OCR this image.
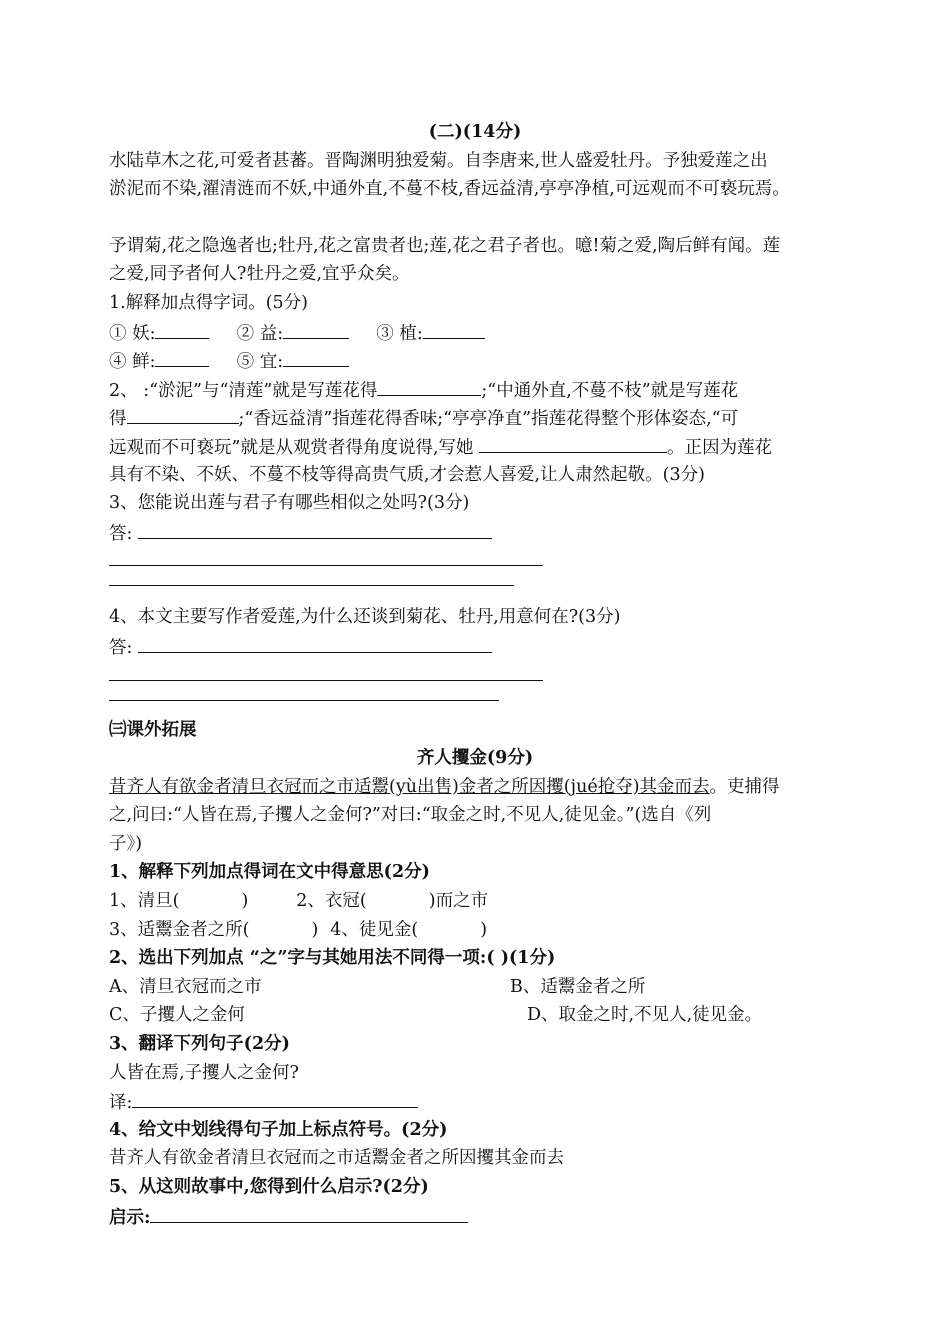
(二)(14分)
水陆草木之花,可爱者甚蕃。晋陶渊明独爱菊。自李唐来,世人盛爱牡丹。予独爱莲之出
淤泥而不染,濯清涟而不妖,中通外直,不蔓不枝,香远益清,亭亭净植,可远观而不可亵玩焉。
予谓菊,花之隐逸者也;牡丹,花之富贵者也;莲,花之君子者也。噫!菊之爱,陶后鲜有闻。莲
之爱,同予者何人?牡丹之爱,宜乎众矣。
1.解释加点得字词。(5分)
① 妖:	② 益:	③ 植:
④ 鲜:	⑤ 宜:
2、 :“淤泥”与“清莲”就是写莲花得	;“中通外直,不蔓不枝”就是写莲花
得	;“香远益清”指莲花得香味;“亭亭净直”指莲花得整个形体姿态,“可
远观而不可亵玩”就是从观赏者得角度说得,写她	。正因为莲花
具有不染、不妖、不蔓不枝等得高贵气质,才会惹人喜爱,让人肃然起敬。(3分)
3、您能说出莲与君子有哪些相似之处吗?(3分)
答:
4、本文主要写作者爱莲,为什么还谈到菊花、牡丹,用意何在?(3分)
答:
㈢课外拓展
齐人攫金(9分)
昔齐人有欲金者清旦衣冠而之市适鬻(yù出售)金者之所因攫(jué抢夺)其金而去。吏捕得
之,问曰:“人皆在焉,子攫人之金何?”对曰:“取金之时,不见人,徒见金。”(选自《列
子》)
1、解释下列加点得词在文中得意思(2分)
1、清旦(	)	2、衣冠(	)而之市
3、适鬻金者之所(	) 4、徒见金(	)
2、选出下列加点 “之”字与其她用法不同得一项:( )(1分)
A、清旦衣冠而之市	B、适鬻金者之所
C、子攫人之金何	D、取金之时,不见人,徒见金。
3、翻译下列句子(2分)
人皆在焉,子攫人之金何?
译:
4、给文中划线得句子加上标点符号。(2分)
昔齐人有欲金者清旦衣冠而之市适鬻金者之所因攫其金而去
5、从这则故事中,您得到什么启示?(2分)
启示:
